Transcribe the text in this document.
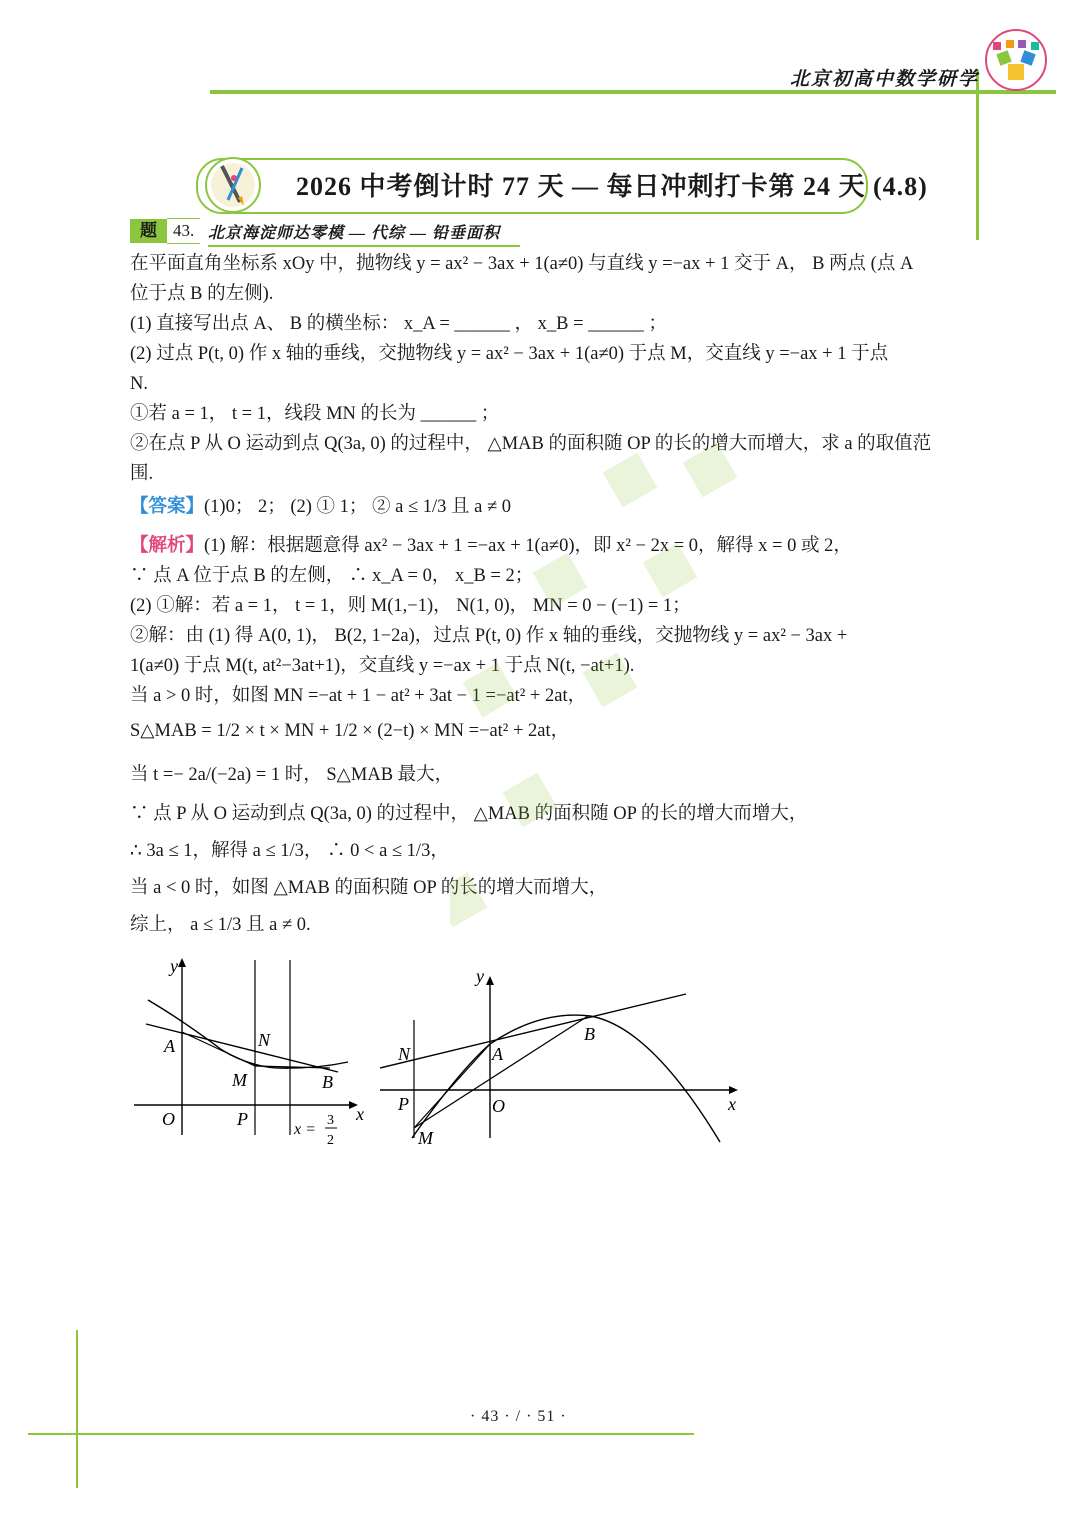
北京初高中数学研学
2026 中考倒计时 77 天 — 每日冲刺打卡第 24 天 (4.8)
题 43. 北京海淀师达零模 — 代综 — 铅垂面积
在平面直角坐标系 xOy 中，抛物线 y = ax² − 3ax + 1(a≠0) 与直线 y =−ax + 1 交于 A， B 两点 (点 A
位于点 B 的左侧).
(1) 直接写出点 A、 B 的横坐标： x_A = ______ ， x_B = ______ ；
(2) 过点 P(t, 0) 作 x 轴的垂线，交抛物线 y = ax² − 3ax + 1(a≠0) 于点 M，交直线 y =−ax + 1 于点
N.
①若 a = 1， t = 1，线段 MN 的长为 ______ ；
②在点 P 从 O 运动到点 Q(3a, 0) 的过程中， △MAB 的面积随 OP 的长的增大而增大，求 a 的取值范
围.
【答案】(1)0； 2； (2) ① 1； ② a ≤ 1/3 且 a ≠ 0
【解析】(1) 解：根据题意得 ax² − 3ax + 1 =−ax + 1(a≠0)，即 x² − 2x = 0，解得 x = 0 或 2，
∵ 点 A 位于点 B 的左侧， ∴ x_A = 0， x_B = 2；
(2) ①解：若 a = 1， t = 1，则 M(1,−1)， N(1, 0)， MN = 0 − (−1) = 1；
②解：由 (1) 得 A(0, 1)， B(2, 1−2a)，过点 P(t, 0) 作 x 轴的垂线，交抛物线 y = ax² − 3ax +
1(a≠0) 于点 M(t, at²−3at+1)，交直线 y =−ax + 1 于点 N(t, −at+1).
当 a > 0 时，如图 MN =−at + 1 − at² + 3at − 1 =−at² + 2at，
S△MAB = 1/2 × t × MN + 1/2 × (2−t) × MN =−at² + 2at，
当 t =− 2a/(−2a) = 1 时， S△MAB 最大，
∵ 点 P 从 O 运动到点 Q(3a, 0) 的过程中， △MAB 的面积随 OP 的长的增大而增大，
∴ 3a ≤ 1，解得 a ≤ 1/3， ∴ 0 < a ≤ 1/3，
当 a < 0 时，如图 △MAB 的面积随 OP 的长的增大而增大，
综上， a ≤ 1/3 且 a ≠ 0.
y
x
O	P
A	N
M	B
x =
3
2
y
x
O
P
A
N
M
B
· 43 · / · 51 ·
